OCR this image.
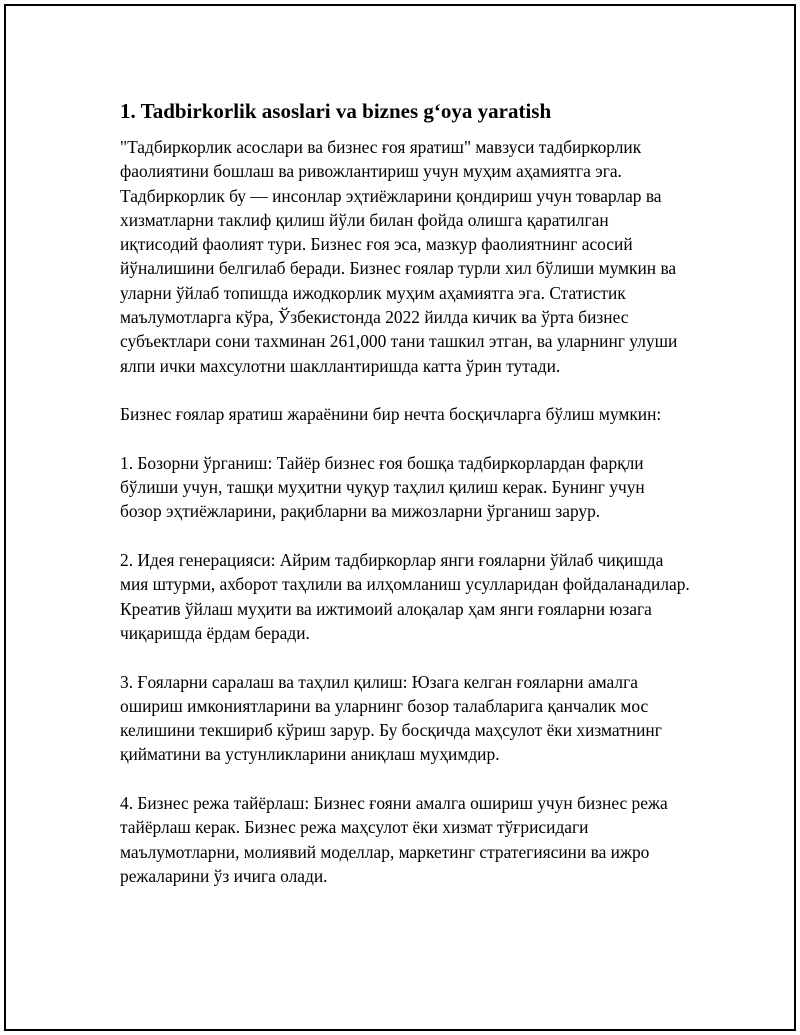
1. Tadbirkorlik asoslari va biznes gʻoya yaratish

"Тадбиркорлик асослари ва бизнес ғоя яратиш" мавзуси тадбиркорлик фаолиятини бошлаш ва ривожлантириш учун муҳим аҳамиятга эга. Тадбиркорлик бу — инсонлар эҳтиёжларини қондириш учун товарлар ва хизматларни таклиф қилиш йўли билан фойда олишга қаратилган иқтисодий фаолият тури. Бизнес ғоя эса, мазкур фаолиятнинг асосий йўналишини белгилаб беради. Бизнес ғоялар турли хил бўлиши мумкин ва уларни ўйлаб топишда ижодкорлик муҳим аҳамиятга эга. Статистик маълумотларга кўра, Ўзбекистонда 2022 йилда кичик ва ўрта бизнес субъектлари сони тахминан 261,000 тани ташкил этган, ва уларнинг улуши ялпи ички махсулотни шакллантиришда катта ўрин тутади.

Бизнес ғоялар яратиш жараёнини бир нечта босқичларга бўлиш мумкин:

1. Бозорни ўрганиш: Тайёр бизнес ғоя бошқа тадбиркорлардан фарқли бўлиши учун, ташқи муҳитни чуқур таҳлил қилиш керак. Бунинг учун бозор эҳтиёжларини, рақибларни ва мижозларни ўрганиш зарур.

2. Идея генерацияси: Айрим тадбиркорлар янги ғояларни ўйлаб чиқишда мия штурми, ахборот таҳлили ва илҳомланиш усулларидан фойдаланадилар. Креатив ўйлаш муҳити ва ижтимоий алоқалар ҳам янги ғояларни юзага чиқаришда ёрдам беради.

3. Ғояларни саралаш ва таҳлил қилиш: Юзага келган ғояларни амалга ошириш имкониятларини ва уларнинг бозор талабларига қанчалик мос келишини текшириб кўриш зарур. Бу босқичда маҳсулот ёки хизматнинг қийматини ва устунликларини аниқлаш муҳимдир.

4. Бизнес режа тайёрлаш: Бизнес ғояни амалга ошириш учун бизнес режа тайёрлаш керак. Бизнес режа маҳсулот ёки хизмат тўғрисидаги маълумотларни, молиявий моделлар, маркетинг стратегиясини ва ижро режаларини ўз ичига олади.
